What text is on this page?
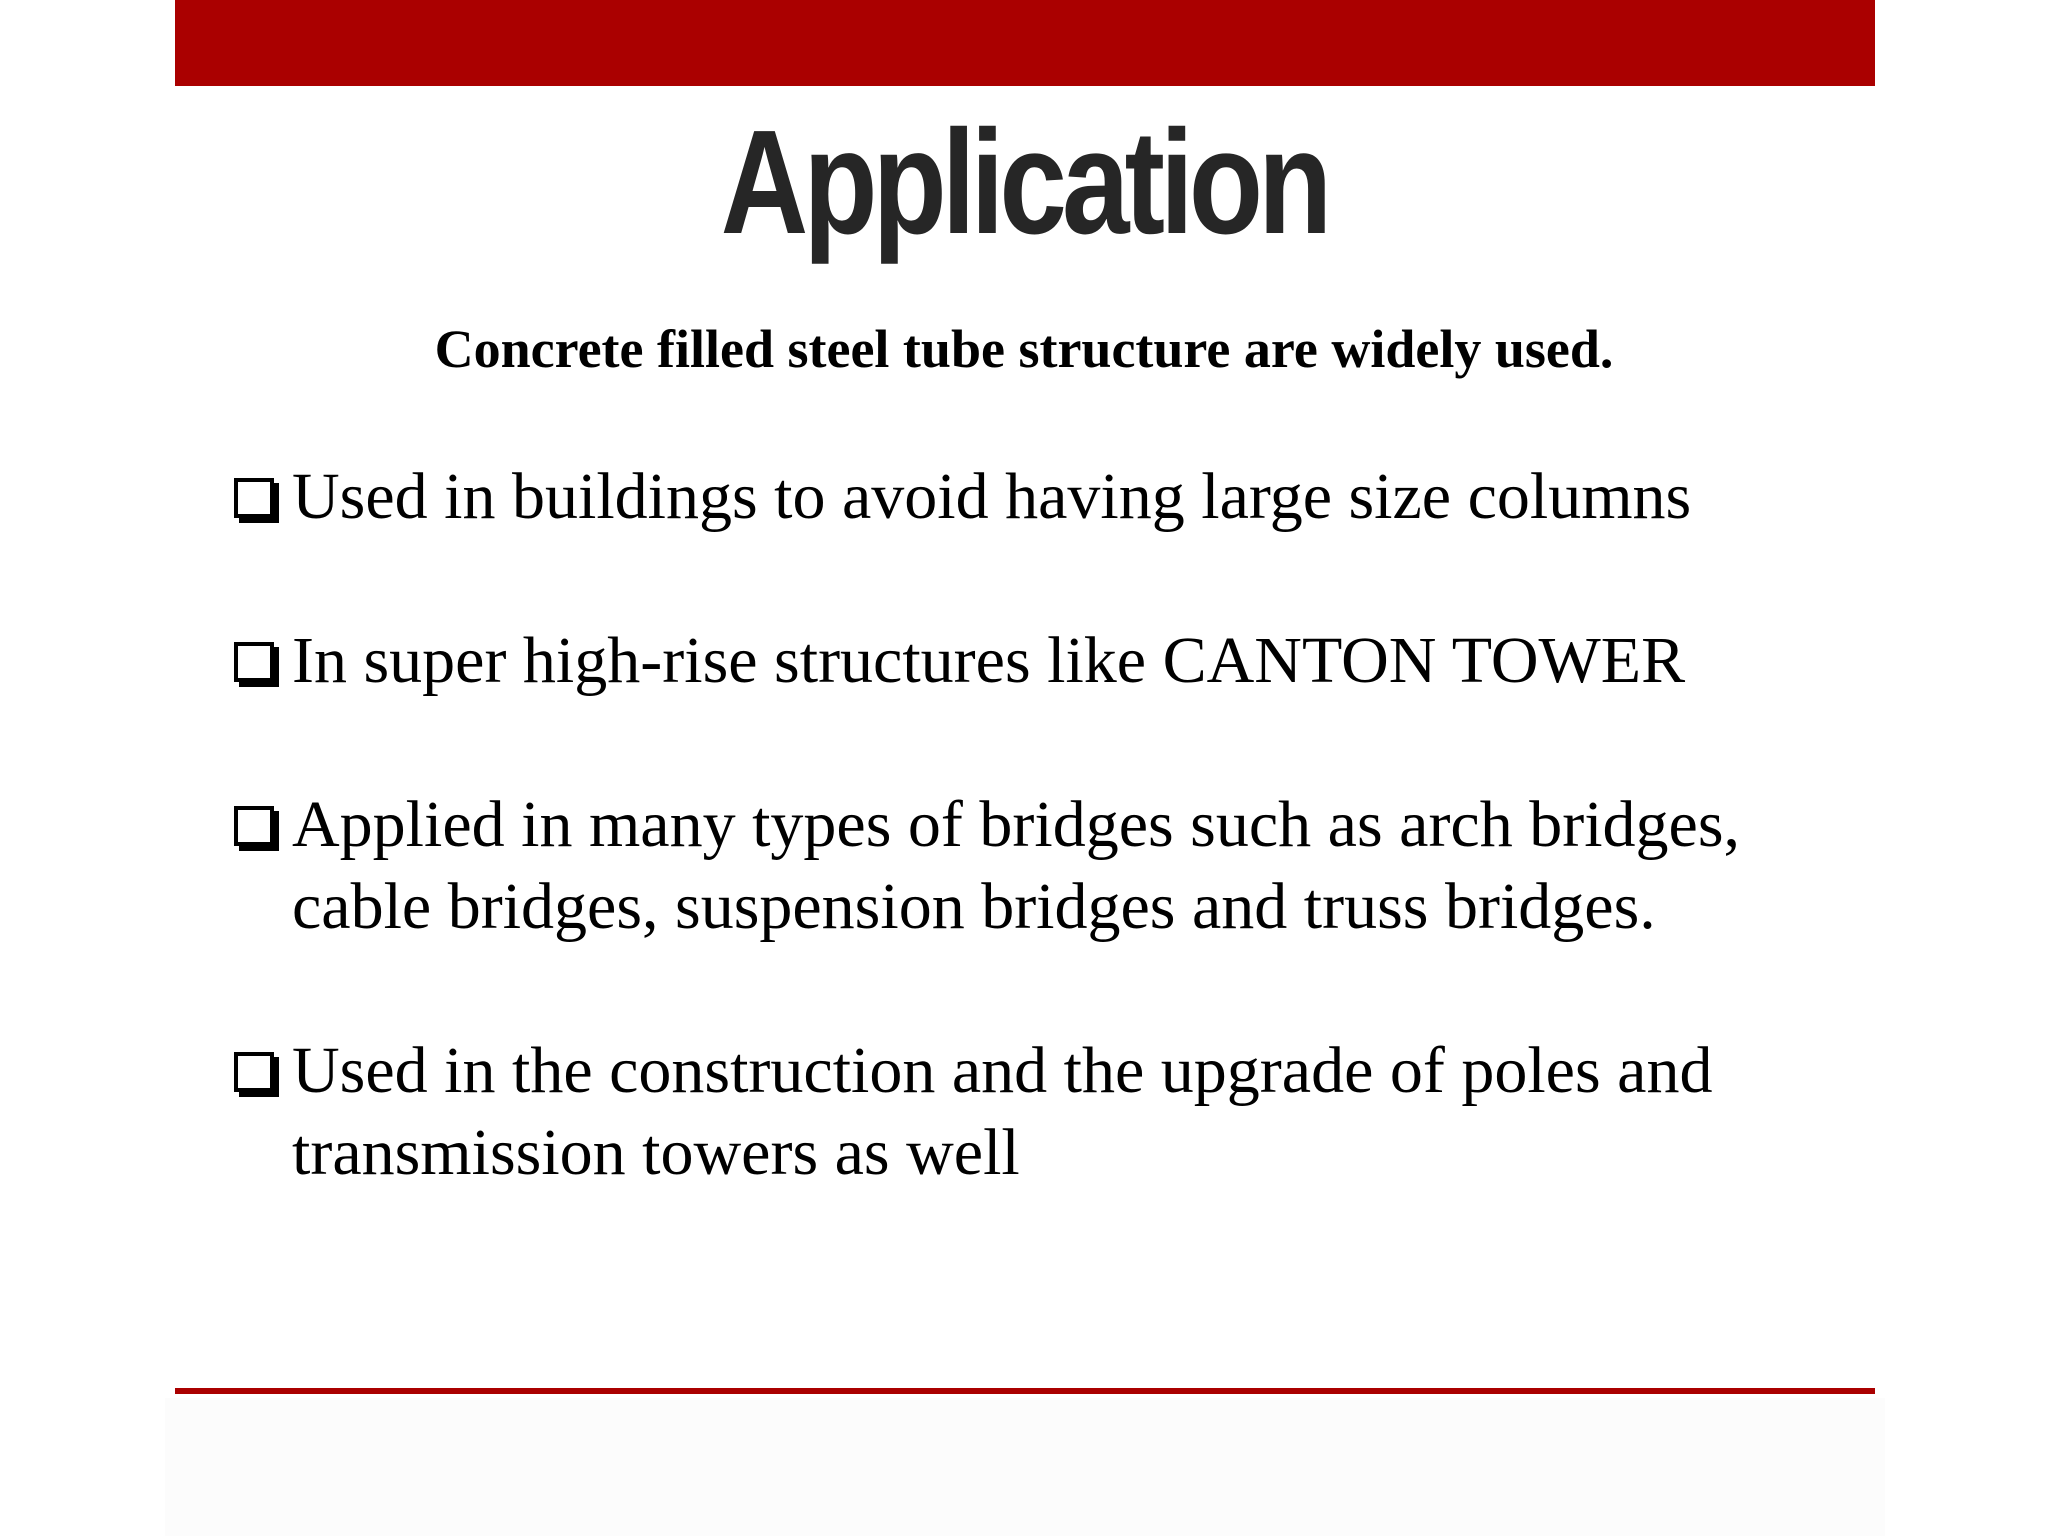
Application
Concrete filled steel tube structure are widely used.
Used in buildings to avoid having large size columns
In super high-rise structures like CANTON TOWER
Applied in many types of bridges such as arch bridges, cable bridges, suspension bridges and truss bridges.
Used in the construction and the upgrade of poles and transmission towers as well
